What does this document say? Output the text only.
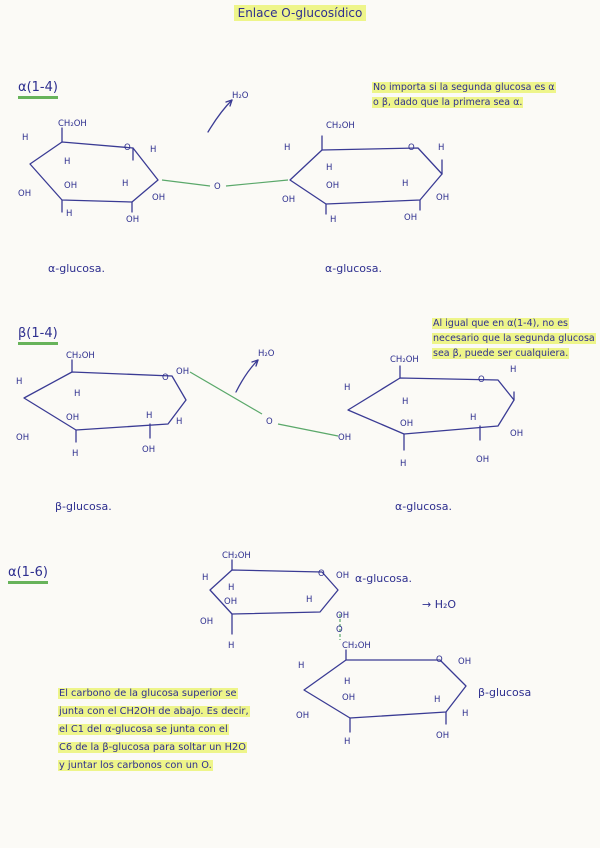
Enlace O-glucosídico
α(1-4)
β(1-4)
α(1-6)
No importa si la segunda glucosa es α
o β, dado que la primera sea α.
Al igual que en α(1-4), no es
necesario que la segunda glucosa
sea β, puede ser cualquiera.
El carbono de la glucosa superior se
junta con el CH2OH de abajo. Es decir,
el C1 del α-glucosa se junta con el
C6 de la β-glucosa para soltar un H2O
y juntar los carbonos con un O.
α-glucosa.	α-glucosa.
β-glucosa.	α-glucosa.
α-glucosa.
β-glucosa
→ H₂O
CH₂OH
O H
H
H
OH
OH	H
OH
H
OH
O
H₂O
CH₂OH
O	H
H
H
OH
OH	H
OH
H	OH
CH₂OH
O
OH
H
H
OH	H
H
OH
H	OH
O
H₂O
CH₂OH
O
H
H
H
OH
OH
H
OH
H	OH
CH₂OH
O OH
H
H
OH	H
OH
OH
O
H	CH₂OH
O OH
H
H
OH	H
H
OH
OH
H
